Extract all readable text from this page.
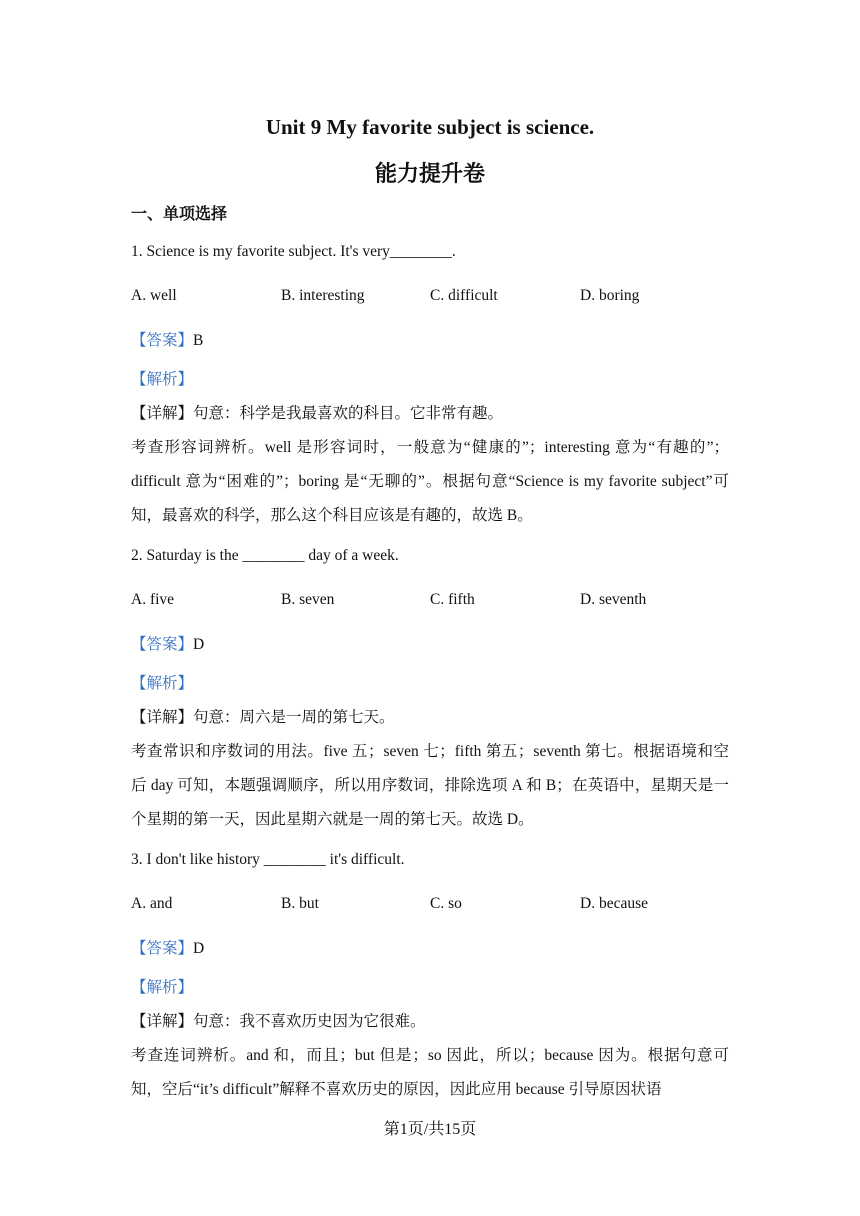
Unit 9 My favorite subject is science.
能力提升卷
一、单项选择
1. Science is my favorite subject. It's very________.
A. well	B. interesting	C. difficult	D. boring
【答案】B
【解析】

【详解】句意：科学是我最喜欢的科目。它非常有趣。

考查形容词辨析。well 是形容词时，一般意为“健康的”；interesting 意为“有趣的”； difficult 意为“困难的”；boring 是“无聊的”。根据句意“Science is my favorite subject”可知，最喜欢的科学，那么这个科目应该是有趣的，故选 B。

2. Saturday is the ________ day of a week.
A. five	B. seven	C. fifth	D. seventh
【答案】D
【解析】

【详解】句意：周六是一周的第七天。

考查常识和序数词的用法。five 五；seven 七；fifth 第五；seventh 第七。根据语境和空后 day 可知，本题强调顺序，所以用序数词，排除选项 A 和 B；在英语中，星期天是一个星期的第一天，因此星期六就是一周的第七天。故选 D。

3. I don't like history ________ it's difficult.
A. and	B. but	C. so	D. because
【答案】D
【解析】

【详解】句意：我不喜欢历史因为它很难。

考查连词辨析。and 和，而且；but 但是；so 因此，所以；because 因为。根据句意可知，空后“it’s difficult”解释不喜欢历史的原因，因此应用 because 引导原因状语

第1页/共15页
